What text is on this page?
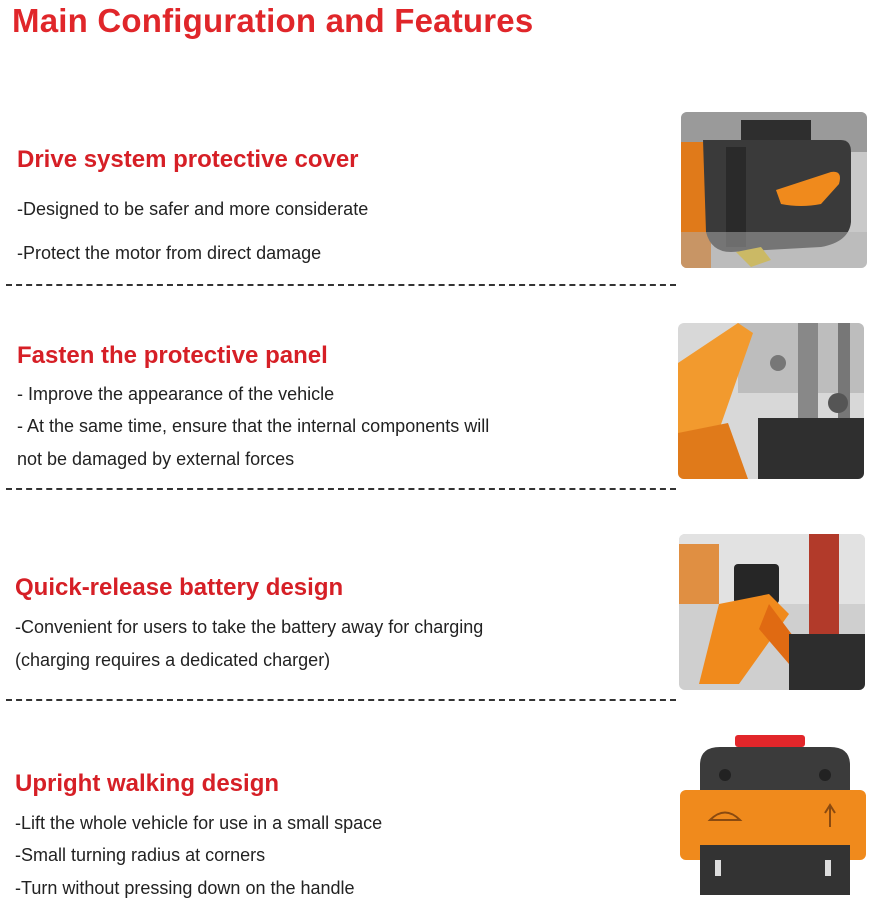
Main Configuration and Features
Drive system protective cover
-Designed to be safer and more considerate
-Protect the motor from direct damage
Fasten the protective panel
- Improve the appearance of the vehicle
- At the same time, ensure that the internal components will
not be damaged by external forces
Quick-release battery design
-Convenient for users to take the battery away for charging
(charging requires a dedicated charger)
Upright walking design
-Lift the whole vehicle for use in a small space
-Small turning radius at corners
-Turn without pressing down on the handle
